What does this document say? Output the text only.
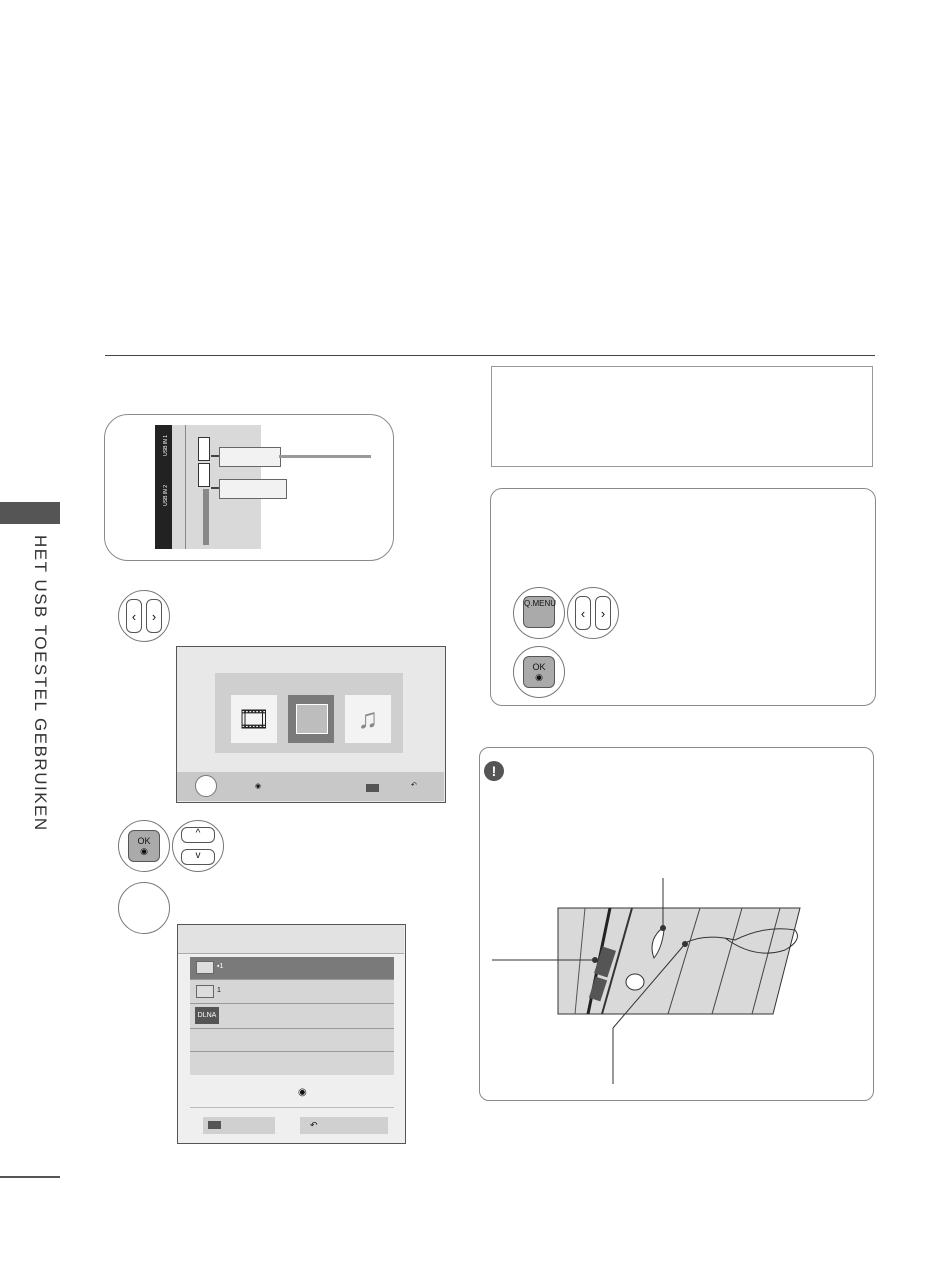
HET USB TOESTEL GEBRUIKEN
USB IN 1
USB IN 2
‹	›
🎞	♫
◉	↶
OK
◉
^
v
▪1
1
DLNA
◉
↶
Q.MENU
‹	›
OK
◉
!
